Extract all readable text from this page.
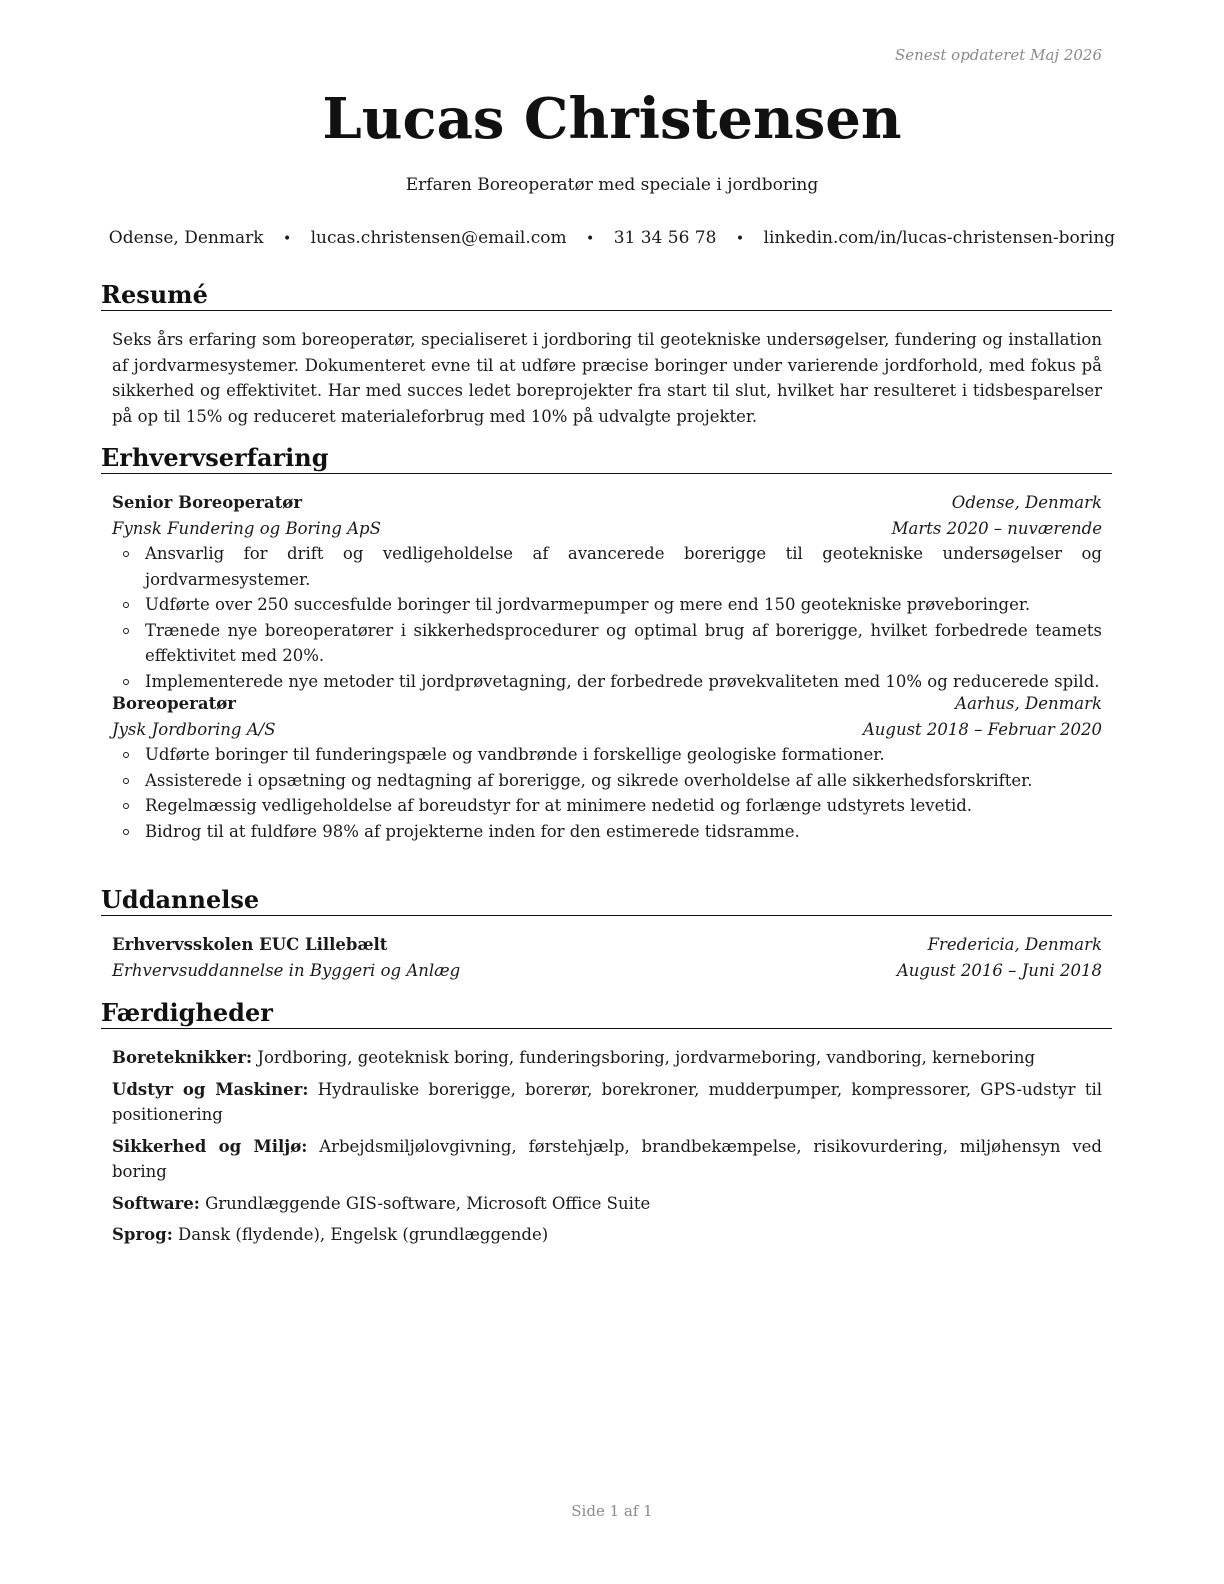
Senest opdateret Maj 2026
Lucas Christensen
Erfaren Boreoperatør med speciale i jordboring
Odense, Denmark • lucas.christensen@email.com • 31 34 56 78 • linkedin.com/in/lucas-christensen-boring
Resumé
Seks års erfaring som boreoperatør, specialiseret i jordboring til geotekniske undersøgelser, fundering og installation af jordvarmesystemer. Dokumenteret evne til at udføre præcise boringer under varierende jordforhold, med fokus på sikkerhed og effektivitet. Har med succes ledet boreprojekter fra start til slut, hvilket har resulteret i tidsbesparelser på op til 15% og reduceret materialeforbrug med 10% på udvalgte projekter.
Erhvervserfaring
Senior Boreoperatør	Odense, Denmark
Fynsk Fundering og Boring ApS	Marts 2020 – nuværende
Ansvarlig for drift og vedligeholdelse af avancerede borerigge til geotekniske undersøgelser og jordvarmesystemer.
Udførte over 250 succesfulde boringer til jordvarmepumper og mere end 150 geotekniske prøveboringer.
Trænede nye boreoperatører i sikkerhedsprocedurer og optimal brug af borerigge, hvilket forbedrede teamets effektivitet med 20%.
Implementerede nye metoder til jordprøvetagning, der forbedrede prøvekvaliteten med 10% og reducerede spild.
Boreoperatør	Aarhus, Denmark
Jysk Jordboring A/S	August 2018 – Februar 2020
Udførte boringer til funderingspæle og vandbrønde i forskellige geologiske formationer.
Assisterede i opsætning og nedtagning af borerigge, og sikrede overholdelse af alle sikkerhedsforskrifter.
Regelmæssig vedligeholdelse af boreudstyr for at minimere nedetid og forlænge udstyrets levetid.
Bidrog til at fuldføre 98% af projekterne inden for den estimerede tidsramme.
Uddannelse
Erhvervsskolen EUC Lillebælt	Fredericia, Denmark
Erhvervsuddannelse in Byggeri og Anlæg	August 2016 – Juni 2018
Færdigheder
Boreteknikker: Jordboring, geoteknisk boring, funderingsboring, jordvarmeboring, vandboring, kerneboring
Udstyr og Maskiner: Hydrauliske borerigge, borerør, borekroner, mudderpumper, kompressorer, GPS-udstyr til positionering
Sikkerhed og Miljø: Arbejdsmiljølovgivning, førstehjælp, brandbekæmpelse, risikovurdering, miljøhensyn ved boring
Software: Grundlæggende GIS-software, Microsoft Office Suite
Sprog: Dansk (flydende), Engelsk (grundlæggende)
Side 1 af 1
